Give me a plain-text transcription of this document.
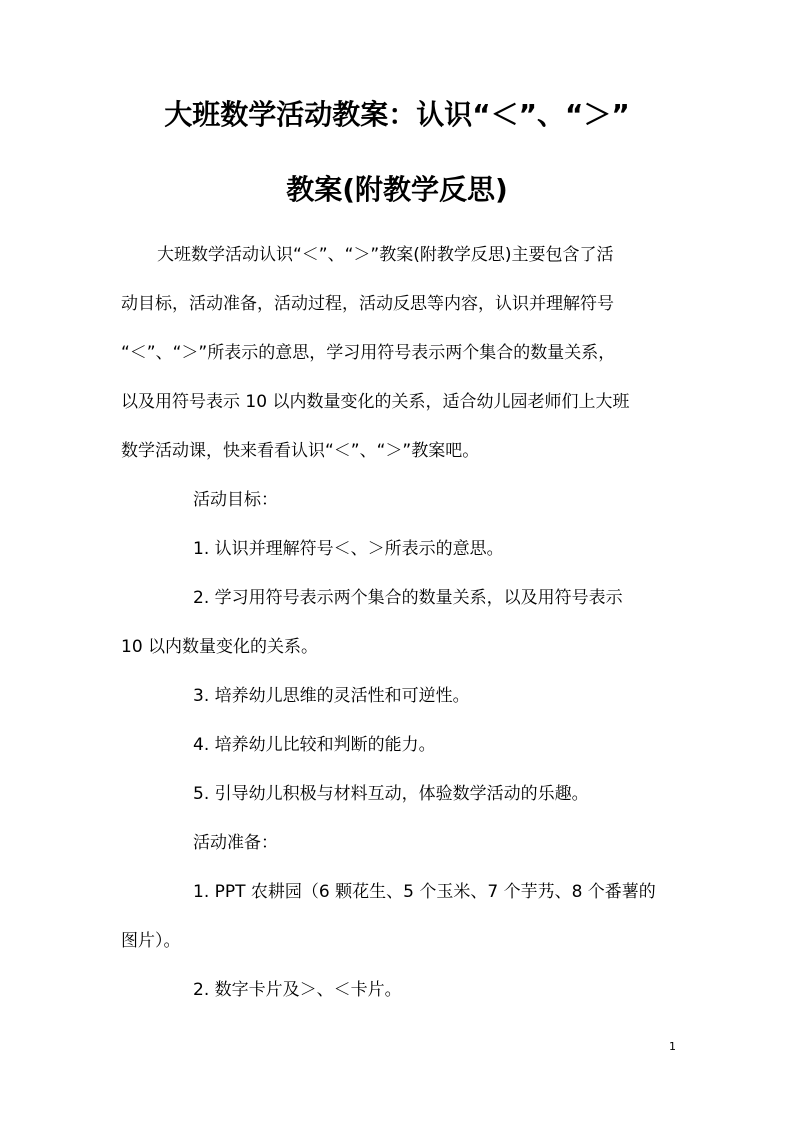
大班数学活动教案：认识“＜”、“＞”
教案(附教学反思)
大班数学活动认识“＜”、“＞”教案(附教学反思)主要包含了活
动目标，活动准备，活动过程，活动反思等内容，认识并理解符号
“＜”、“＞”所表示的意思，学习用符号表示两个集合的数量关系，
以及用符号表示 10 以内数量变化的关系，适合幼儿园老师们上大班
数学活动课，快来看看认识“＜”、“＞”教案吧。
活动目标：
1. 认识并理解符号＜、＞所表示的意思。
2. 学习用符号表示两个集合的数量关系，以及用符号表示
10 以内数量变化的关系。
3. 培养幼儿思维的灵活性和可逆性。
4. 培养幼儿比较和判断的能力。
5. 引导幼儿积极与材料互动，体验数学活动的乐趣。
活动准备：
1. PPT 农耕园（6 颗花生、5 个玉米、7 个芋艿、8 个番薯的
图片）。
2. 数字卡片及＞、＜卡片。
1
